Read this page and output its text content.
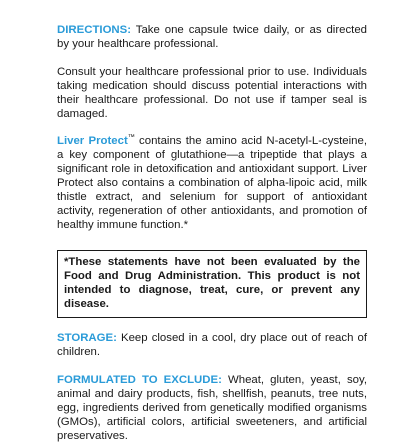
DIRECTIONS: Take one capsule twice daily, or as directed by your healthcare professional.

Consult your healthcare professional prior to use. Individuals taking medication should discuss potential interactions with their healthcare professional. Do not use if tamper seal is damaged.

Liver Protect™ contains the amino acid N-acetyl-L-cysteine, a key component of glutathione—a tripeptide that plays a significant role in detoxification and antioxidant support. Liver Protect also contains a combination of alpha-lipoic acid, milk thistle extract, and selenium for support of antioxidant activity, regeneration of other antioxidants, and promotion of healthy immune function.*

*These statements have not been evaluated by the Food and Drug Administration. This product is not intended to diagnose, treat, cure, or prevent any disease.

STORAGE: Keep closed in a cool, dry place out of reach of children.

FORMULATED TO EXCLUDE: Wheat, gluten, yeast, soy, animal and dairy products, fish, shellfish, peanuts, tree nuts, egg, ingredients derived from genetically modified organisms (GMOs), artificial colors, artificial sweeteners, and artificial preservatives.
